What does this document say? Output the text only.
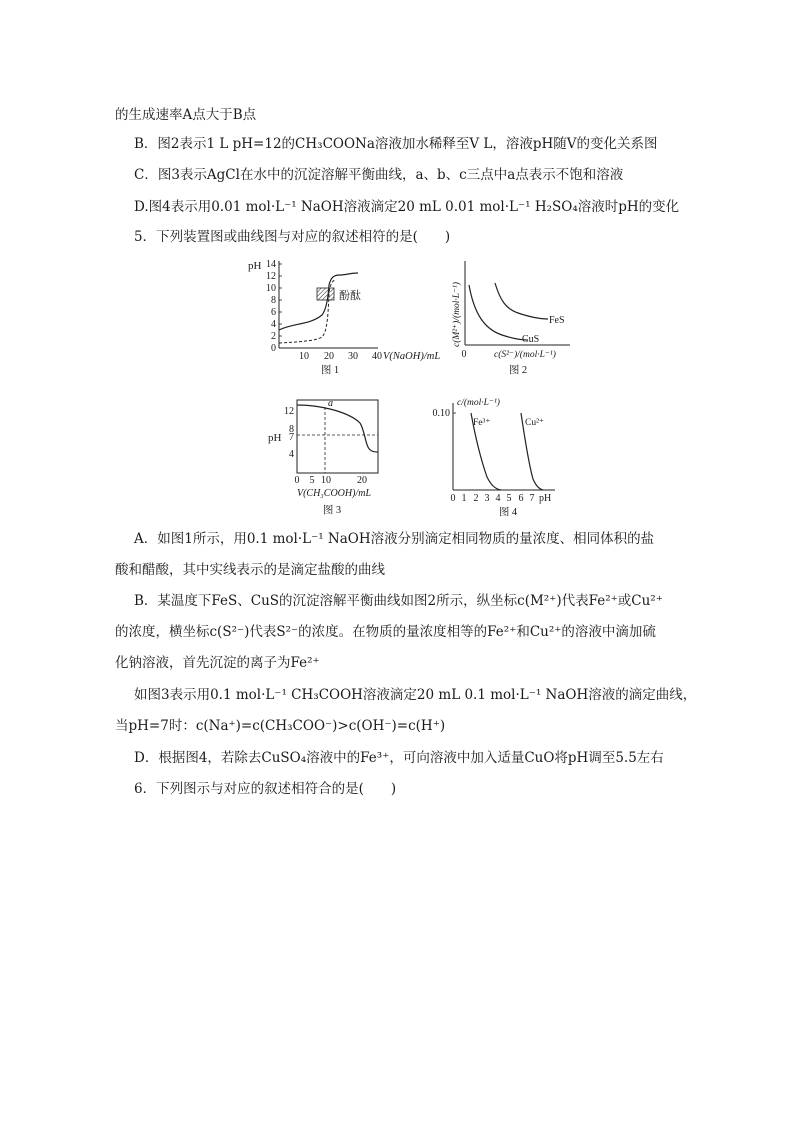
的生成速率A点大于B点
B．图2表示1 L pH=12的CH₃COONa溶液加水稀释至V L，溶液pH随V的变化关系图
C．图3表示AgCl在水中的沉淀溶解平衡曲线，a、b、c三点中a点表示不饱和溶液
D.图4表示用0.01 mol·L⁻¹ NaOH溶液滴定20 mL 0.01 mol·L⁻¹ H₂SO₄溶液时pH的变化
5．下列装置图或曲线图与对应的叙述相符的是(　　)
pH 14
12
10
8
6
4
2
0
10 20 30 40 V(NaOH)/mL
酚酞
图 1
c(M²⁺)/(mol·L⁻¹)
0	c(S²⁻)/(mol·L⁻¹)
FeS
CuS
图 2
pH
12
8
7
4
a
0 5 10	20
V(CH₃COOH)/mL
图 3
c/(mol·L⁻¹)
0.10
Fe³⁺	Cu²⁺
0 1 2 3 4 5 6 7 pH
图 4
A．如图1所示，用0.1 mol·L⁻¹ NaOH溶液分别滴定相同物质的量浓度、相同体积的盐
酸和醋酸，其中实线表示的是滴定盐酸的曲线
B．某温度下FeS、CuS的沉淀溶解平衡曲线如图2所示，纵坐标c(M²⁺)代表Fe²⁺或Cu²⁺
的浓度，横坐标c(S²⁻)代表S²⁻的浓度。在物质的量浓度相等的Fe²⁺和Cu²⁺的溶液中滴加硫
化钠溶液，首先沉淀的离子为Fe²⁺
如图3表示用0.1 mol·L⁻¹ CH₃COOH溶液滴定20 mL 0.1 mol·L⁻¹ NaOH溶液的滴定曲线，
当pH=7时：c(Na⁺)=c(CH₃COO⁻)>c(OH⁻)=c(H⁺)
D．根据图4，若除去CuSO₄溶液中的Fe³⁺，可向溶液中加入适量CuO将pH调至5.5左右
6．下列图示与对应的叙述相符合的是(　　)
